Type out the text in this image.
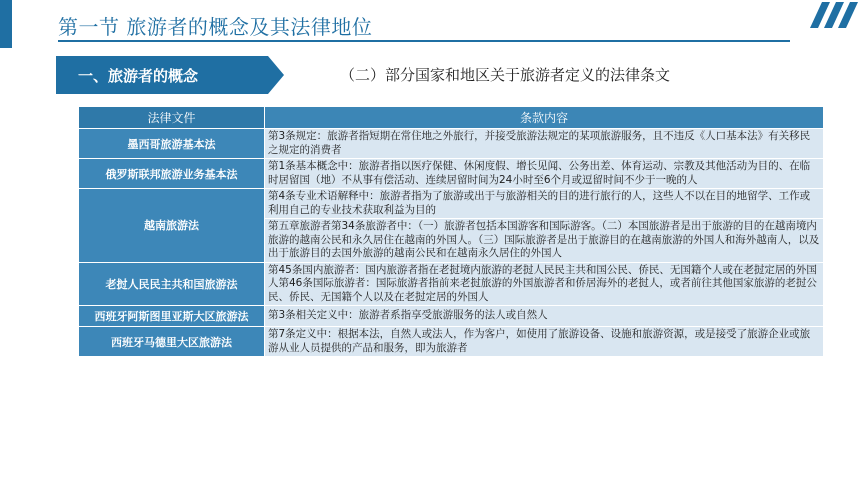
第一节 旅游者的概念及其法律地位
一、旅游者的概念	（二）部分国家和地区关于旅游者定义的法律条文
法律文件	条款内容
墨西哥旅游基本法	第3条规定：旅游者指短期在常住地之外旅行，并接受旅游法规定的某项旅游服务，且不违反《人口基本法》有关移民之规定的消费者
俄罗斯联邦旅游业务基本法	第1条基本概念中：旅游者指以医疗保健、休闲度假、增长见闻、公务出差、体育运动、宗教及其他活动为目的、在临时居留国（地）不从事有偿活动、连续居留时间为24小时至6个月或逗留时间不少于一晚的人
越南旅游法	第4条专业术语解释中：旅游者指为了旅游或出于与旅游相关的目的进行旅行的人，这些人不以在目的地留学、工作或利用自己的专业技术获取利益为目的
	第五章旅游者第34条旅游者中：（一）旅游者包括本国游客和国际游客。（二）本国旅游者是出于旅游的目的在越南境内旅游的越南公民和永久居住在越南的外国人。（三）国际旅游者是出于旅游目的在越南旅游的外国人和海外越南人，以及出于旅游目的去国外旅游的越南公民和在越南永久居住的外国人
老挝人民民主共和国旅游法	第45条国内旅游者：国内旅游者指在老挝境内旅游的老挝人民民主共和国公民、侨民、无国籍个人或在老挝定居的外国人第46条国际旅游者：国际旅游者指前来老挝旅游的外国旅游者和侨居海外的老挝人，或者前往其他国家旅游的老挝公民、侨民、无国籍个人以及在老挝定居的外国人
西班牙阿斯图里亚斯大区旅游法	第3条相关定义中：旅游者系指享受旅游服务的法人或自然人
西班牙马德里大区旅游法	第7条定义中：根据本法，自然人或法人，作为客户，如使用了旅游设备、设施和旅游资源，或是接受了旅游企业或旅游从业人员提供的产品和服务，即为旅游者
